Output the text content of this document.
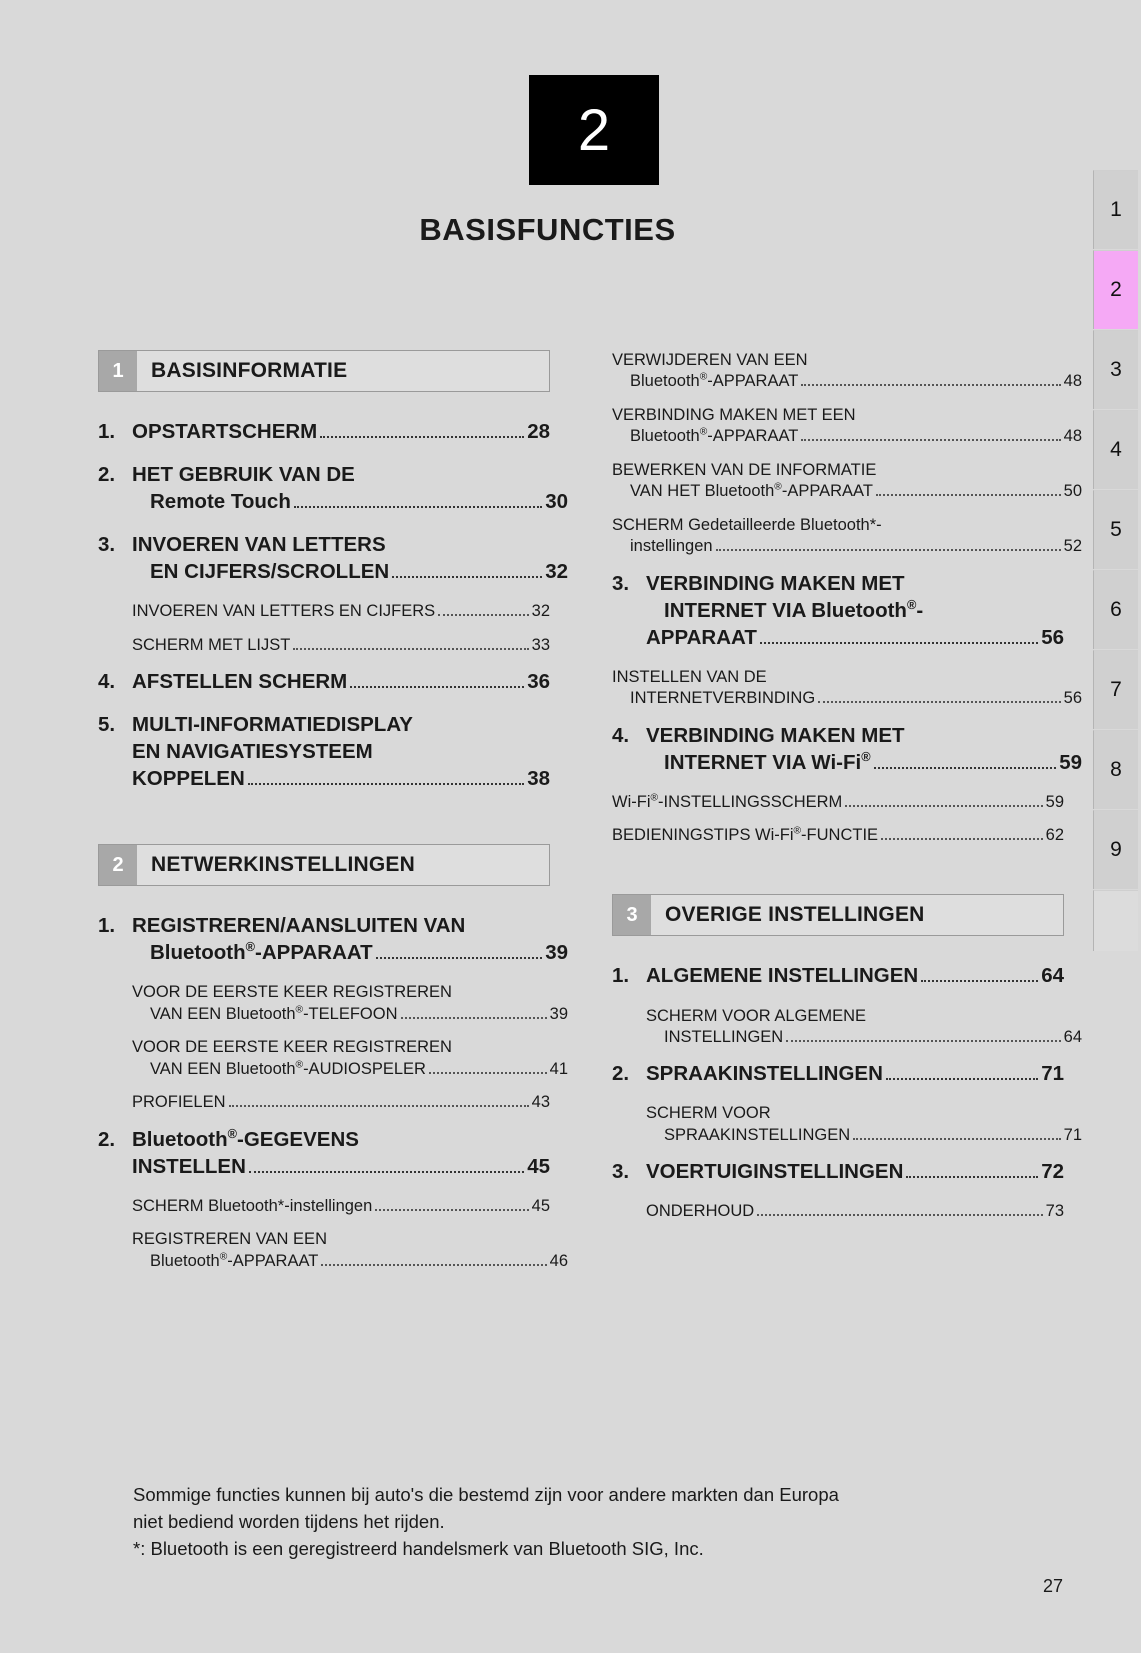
2
BASISFUNCTIES
1
2
3
4
5
6
7
8
9
1	BASISINFORMATIE
1. OPSTARTSCHERM	28
2. HET GEBRUIK VAN DE
Remote Touch	30
3. INVOEREN VAN LETTERS
EN CIJFERS/SCROLLEN	32
INVOEREN VAN LETTERS EN CIJFERS	32
SCHERM MET LIJST	33
4. AFSTELLEN SCHERM	36
5. MULTI-INFORMATIEDISPLAY
EN NAVIGATIESYSTEEM
KOPPELEN	38
2	NETWERKINSTELLINGEN
1. REGISTREREN/AANSLUITEN VAN
Bluetooth®-APPARAAT	39
VOOR DE EERSTE KEER REGISTREREN
VAN EEN Bluetooth®-TELEFOON	39
VOOR DE EERSTE KEER REGISTREREN
VAN EEN Bluetooth®-AUDIOSPELER	41
PROFIELEN	43
2. Bluetooth®-GEGEVENS
INSTELLEN	45
SCHERM Bluetooth*-instellingen	45
REGISTREREN VAN EEN
Bluetooth®-APPARAAT	46
VERWIJDEREN VAN EEN
Bluetooth®-APPARAAT	48
VERBINDING MAKEN MET EEN
Bluetooth®-APPARAAT	48
BEWERKEN VAN DE INFORMATIE
VAN HET Bluetooth®-APPARAAT	50
SCHERM Gedetailleerde Bluetooth*-
instellingen	52
3. VERBINDING MAKEN MET
INTERNET VIA Bluetooth®-
APPARAAT	56
INSTELLEN VAN DE
INTERNETVERBINDING	56
4. VERBINDING MAKEN MET
INTERNET VIA Wi-Fi®	59
Wi-Fi®-INSTELLINGSSCHERM	59
BEDIENINGSTIPS Wi-Fi®-FUNCTIE	62
3	OVERIGE INSTELLINGEN
1. ALGEMENE INSTELLINGEN	64
SCHERM VOOR ALGEMENE
INSTELLINGEN	64
2. SPRAAKINSTELLINGEN	71
SCHERM VOOR
SPRAAKINSTELLINGEN	71
3. VOERTUIGINSTELLINGEN	72
ONDERHOUD	73
Sommige functies kunnen bij auto's die bestemd zijn voor andere markten dan Europa
niet bediend worden tijdens het rijden.
*: Bluetooth is een geregistreerd handelsmerk van Bluetooth SIG, Inc.
27
